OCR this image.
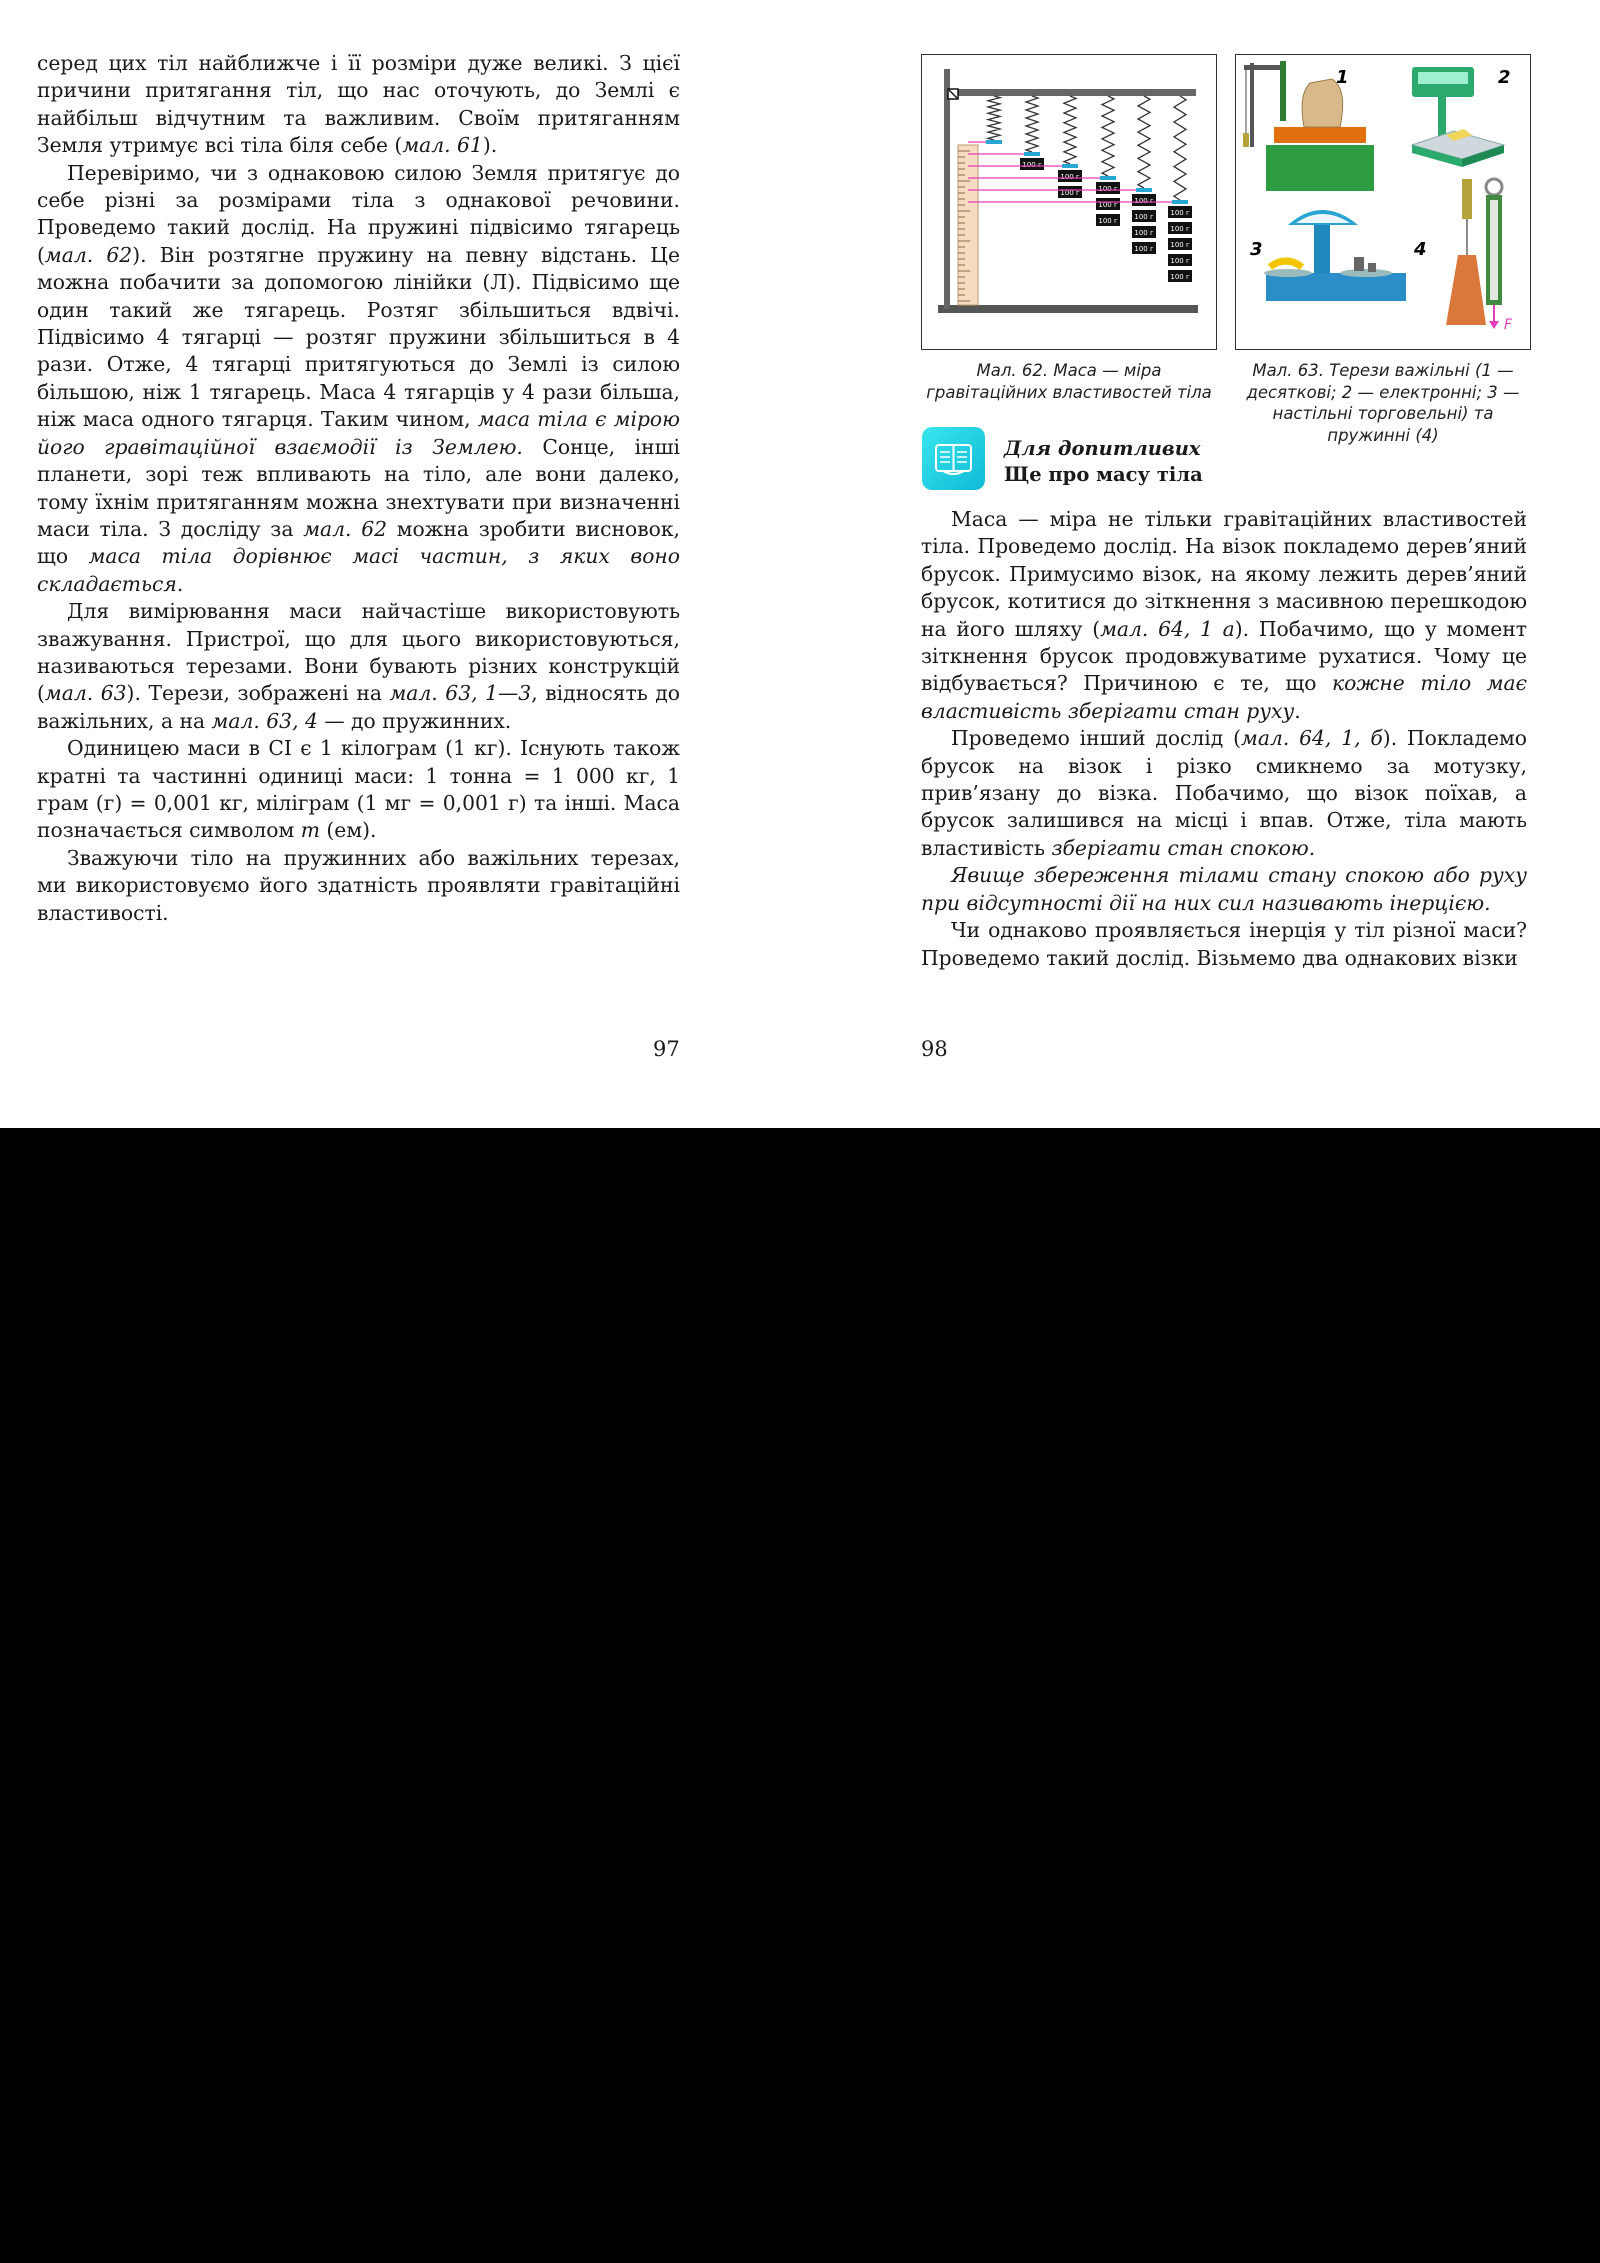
серед цих тіл найближче і її розміри дуже великі. З цієї причини притягання тіл, що нас оточують, до Землі є найбільш відчутним та важливим. Своїм притяганням Земля утримує всі тіла біля себе (мал. 61).

Перевіримо, чи з однаковою силою Земля притягує до себе різні за розмірами тіла з однакової речовини. Проведемо такий дослід. На пружині підвісимо тягарець (мал. 62). Він розтягне пружину на певну відстань. Це можна побачити за допомогою лінійки (Л). Підвісимо ще один такий же тягарець. Розтяг збільшиться вдвічі. Підвісимо 4 тягарці — розтяг пружини збільшиться в 4 рази. Отже, 4 тягарці притягуються до Землі із силою більшою, ніж 1 тягарець. Маса 4 тягарців у 4 рази більша, ніж маса одного тягарця. Таким чином, маса тіла є мірою його гравітаційної взаємодії із Землею. Сонце, інші планети, зорі теж впливають на тіло, але вони далеко, тому їхнім притяганням можна знехтувати при визначенні маси тіла. З досліду за мал. 62 можна зробити висновок, що маса тіла дорівнює масі частин, з яких воно складається.

Для вимірювання маси найчастіше використовують зважування. Пристрої, що для цього використовуються, називаються терезами. Вони бувають різних конструкцій (мал. 63). Терези, зображені на мал. 63, 1—3, відносять до важільних, а на мал. 63, 4 — до пружинних.

Одиницею маси в СІ є 1 кілограм (1 кг). Існують також кратні та частинні одиниці маси: 1 тонна = 1 000 кг, 1 грам (г) = 0,001 кг, міліграм (1 мг = 0,001 г) та інші. Маса позначається символом m (ем).

Зважуючи тіло на пружинних або важільних терезах, ми використовуємо його здатність проявляти гравітаційні властивості.

97
100 г
100 г
100 г	100 г
100 г
100 г
100 г
100 г
100 г
100 г
100 г
100 г
100 г
100 г
100 г
1	2
3	4
F
Мал. 62. Маса — міра гравітаційних властивостей тіла
Мал. 63. Терези важільні (1 — десяткові; 2 — електронні; 3 — настільні торговельні) та пружинні (4)
Для допитливих
Ще про масу тіла

Маса — міра не тільки гравітаційних властивостей тіла. Проведемо дослід. На візок покладемо дерев’яний брусок. Примусимо візок, на якому лежить дерев’яний брусок, котитися до зіткнення з масивною перешкодою на його шляху (мал. 64, 1 а). Побачимо, що у момент зіткнення брусок продовжуватиме рухатися. Чому це відбувається? Причиною є те, що кожне тіло має властивість зберігати стан руху.

Проведемо інший дослід (мал. 64, 1, б). Покладемо брусок на візок і різко смикнемо за мотузку, прив’язану до візка. Побачимо, що візок поїхав, а брусок залишився на місці і впав. Отже, тіла мають властивість зберігати стан спокою.

Явище збереження тілами стану спокою або руху при відсутності дії на них сил називають інерцією.

Чи однаково проявляється інерція у тіл різної маси? Проведемо такий дослід. Візьмемо два однакових візки

98
